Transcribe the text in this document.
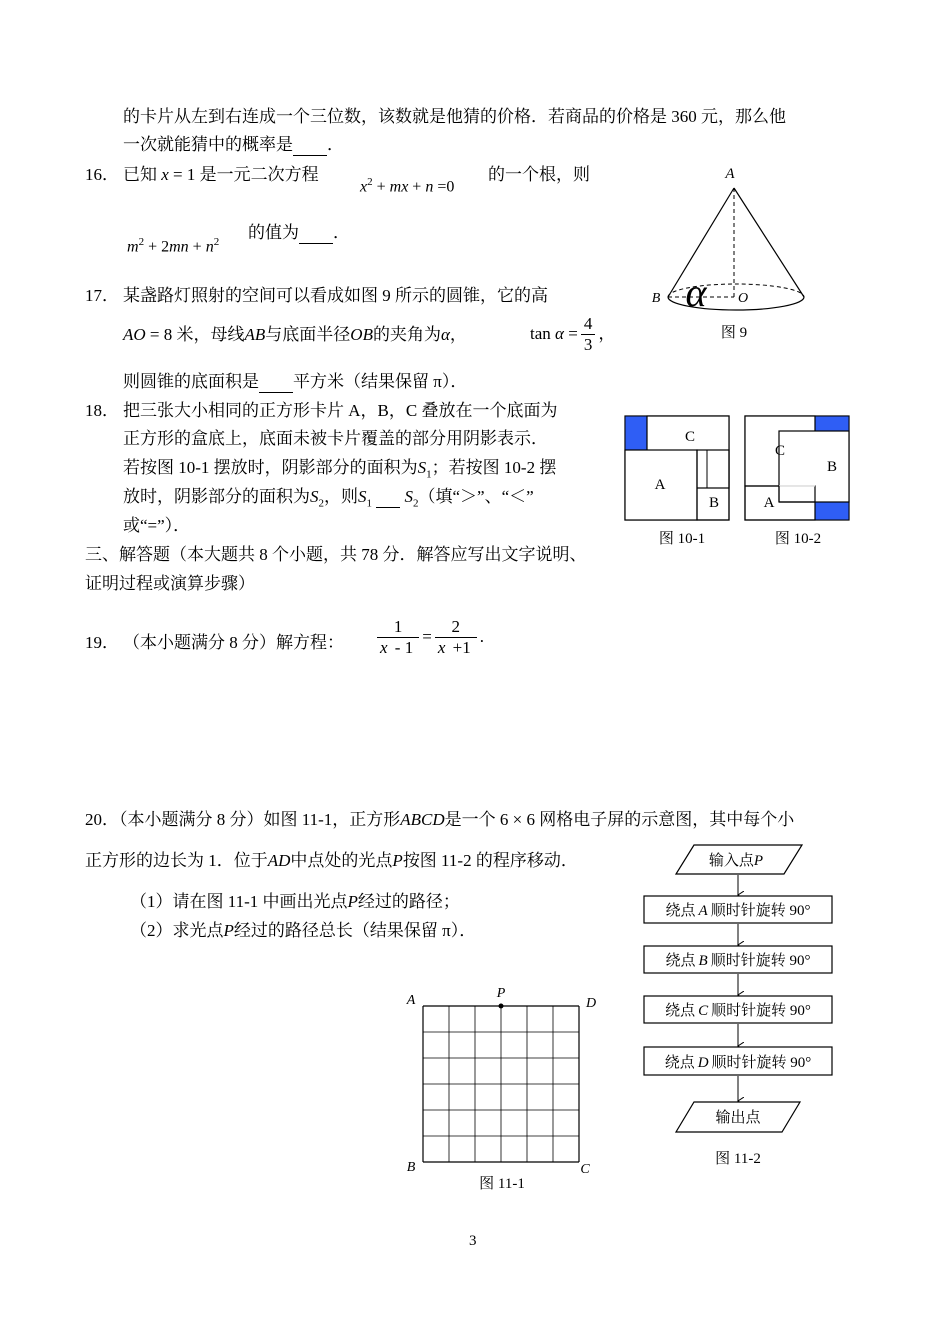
的卡片从左到右连成一个三位数，该数就是他猜的价格．若商品的价格是 360 元，那么他
一次就能猜中的概率是 ．
16． 已知 x = 1 是一元二次方程
$x^2$ + mx + n =0
的一个根，则
$m^2 + 2mn + n^2$ 的值为 ．
A
B	O
α
图 9
17． 某盏路灯照射的空间可以看成如图 9 所示的圆锥，它的高
AO = 8 米，母线AB与底面半径OB的夹角为α，	$\tan \alpha = \frac{4}{3}$ ，
则圆锥的底面积是 平方米（结果保留 π）．
18． 把三张大小相同的正方形卡片 A，B，C 叠放在一个底面为
正方形的盒底上，底面未被卡片覆盖的部分用阴影表示．
若按图 10-1 摆放时，阴影部分的面积为$S_1$；若按图 10-2 摆
放时，阴影部分的面积为$S_2$，则$S_1$ $S_2$（填“＞”、“＜”
或“=”）．
C
A
B
图 10-1
C
B
A
图 10-2
三、解答题（本大题共 8 个小题，共 78 分．解答应写出文字说明、
证明过程或演算步骤）
19． （本小题满分 8 分）解方程： $\frac{1}{x - 1} = \frac{2}{x +1}$ .
20．（本小题满分 8 分）如图 11-1，正方形ABCD是一个 6 × 6 网格电子屏的示意图，其中每个小
正方形的边长为 1．位于AD中点处的光点P按图 11-2 的程序移动．
（1）请在图 11-1 中画出光点P经过的路径；
（2）求光点P经过的路径总长（结果保留 π）．
P
A	D
B	C
图 11-1
输入点P
绕点 A 顺时针旋转 90°
绕点 B 顺时针旋转 90°
绕点 C 顺时针旋转 90°
绕点 D 顺时针旋转 90°
输出点
图 11-2
3
